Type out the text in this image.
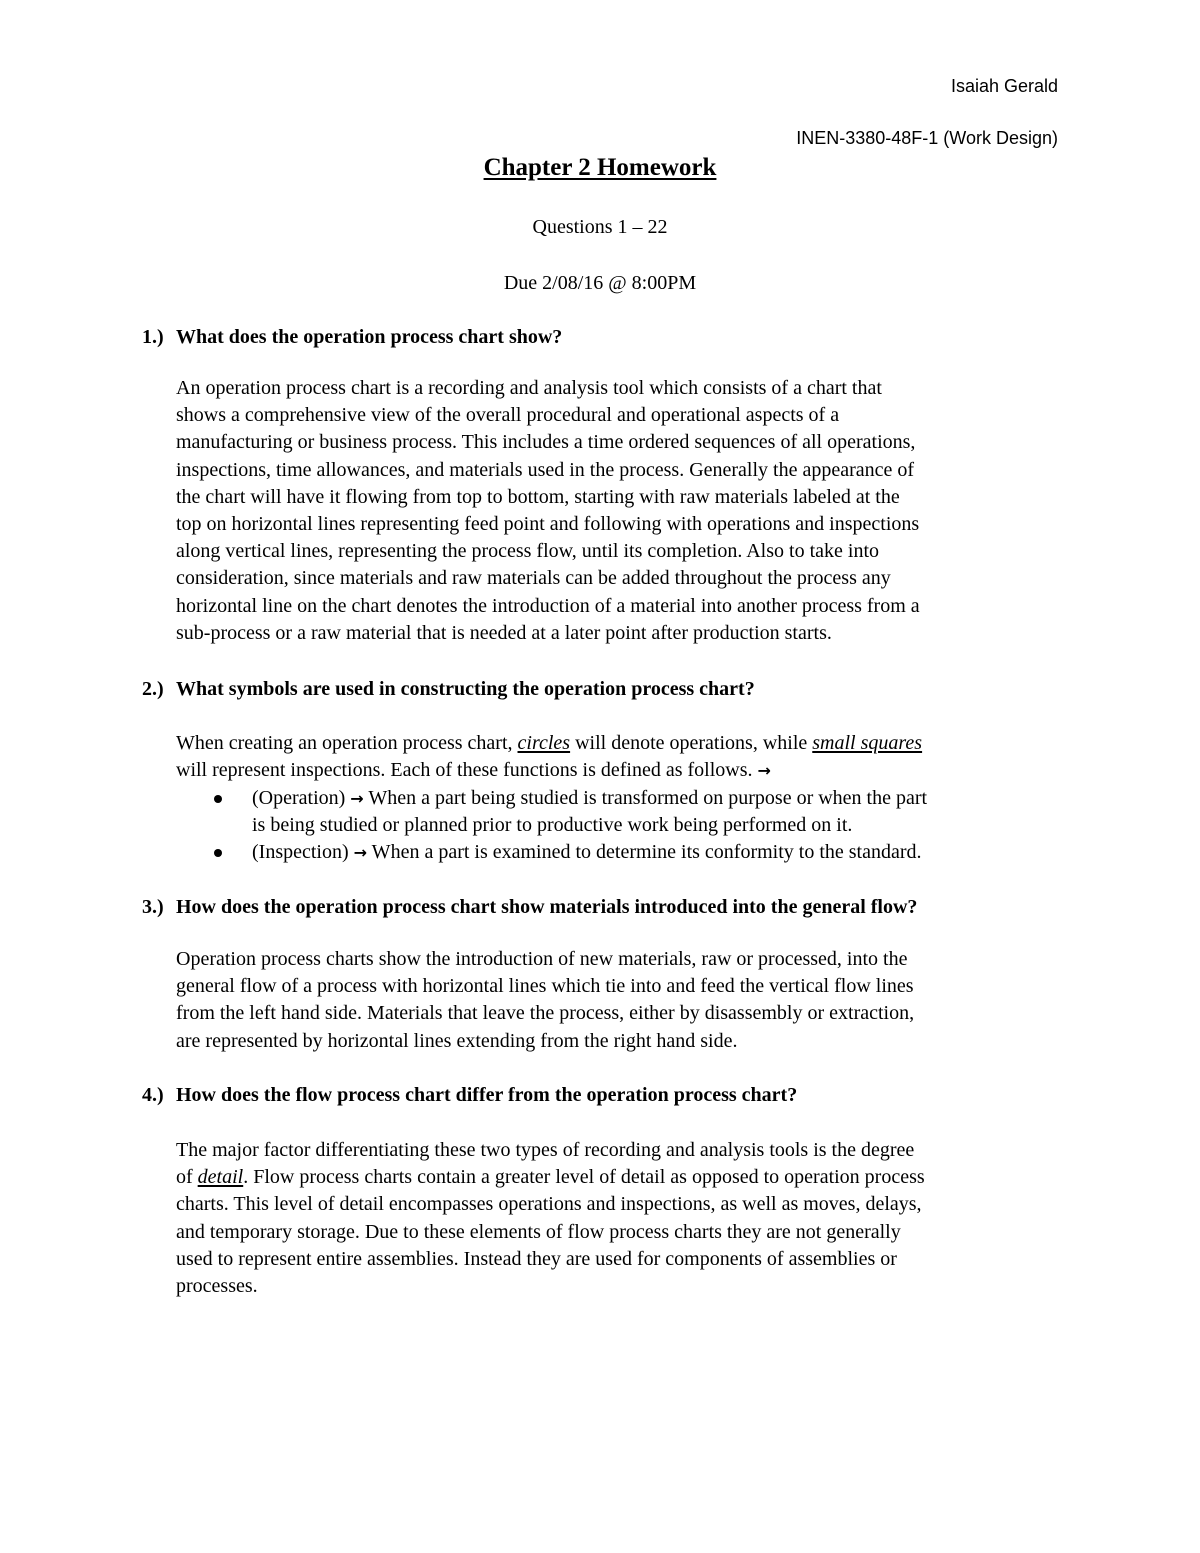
Isaiah Gerald
INEN-3380-48F-1 (Work Design)
Chapter 2 Homework
Questions 1 – 22
Due 2/08/16 @ 8:00PM
1.) What does the operation process chart show?
An operation process chart is a recording and analysis tool which consists of a chart that
shows a comprehensive view of the overall procedural and operational aspects of a
manufacturing or business process. This includes a time ordered sequences of all operations,
inspections, time allowances, and materials used in the process. Generally the appearance of
the chart will have it flowing from top to bottom, starting with raw materials labeled at the
top on horizontal lines representing feed point and following with operations and inspections
along vertical lines, representing the process flow, until its completion. Also to take into
consideration, since materials and raw materials can be added throughout the process any
horizontal line on the chart denotes the introduction of a material into another process from a
sub-process or a raw material that is needed at a later point after production starts.
2.) What symbols are used in constructing the operation process chart?
When creating an operation process chart, circles will denote operations, while small squares
will represent inspections. Each of these functions is defined as follows. →
(Operation) → When a part being studied is transformed on purpose or when the part
is being studied or planned prior to productive work being performed on it.
(Inspection) → When a part is examined to determine its conformity to the standard.
3.) How does the operation process chart show materials introduced into the general flow?
Operation process charts show the introduction of new materials, raw or processed, into the
general flow of a process with horizontal lines which tie into and feed the vertical flow lines
from the left hand side. Materials that leave the process, either by disassembly or extraction,
are represented by horizontal lines extending from the right hand side.
4.) How does the flow process chart differ from the operation process chart?
The major factor differentiating these two types of recording and analysis tools is the degree
of detail. Flow process charts contain a greater level of detail as opposed to operation process
charts. This level of detail encompasses operations and inspections, as well as moves, delays,
and temporary storage. Due to these elements of flow process charts they are not generally
used to represent entire assemblies. Instead they are used for components of assemblies or
processes.
